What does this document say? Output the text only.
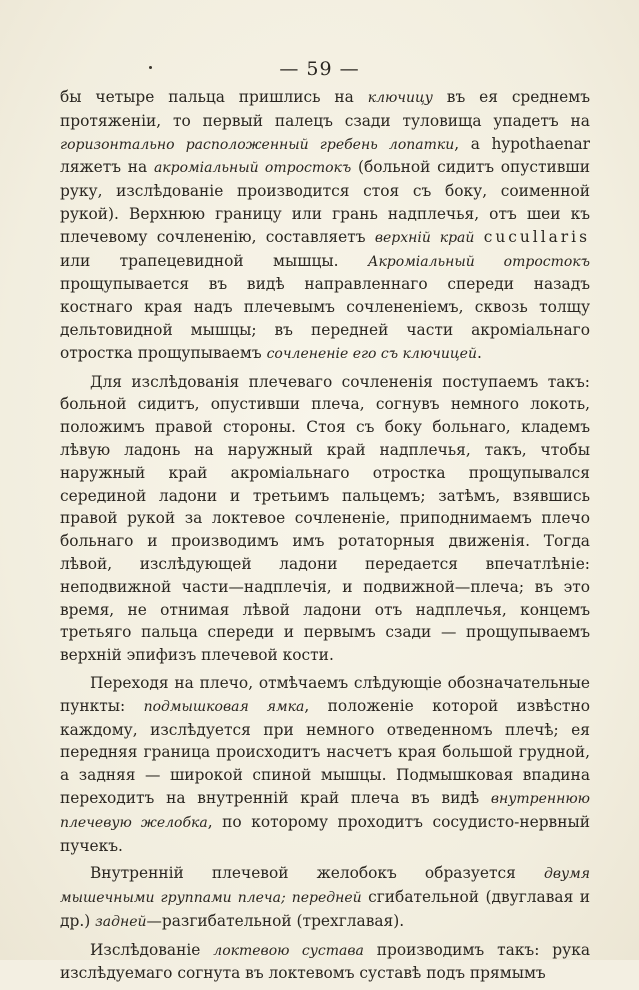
— 59 —

бы четыре пальца пришлись на ключицу въ ея среднемъ протяженіи, то первый палецъ сзади туловища упадетъ на горизонтально расположенный гребень лопатки, а hypothaenar ляжетъ на акроміальный отростокъ (больной сидитъ опустивши руку, изслѣдованіе производится стоя съ боку, соименной рукой). Верхнюю границу или грань надплечья, отъ шеи къ плечевому сочлененію, составляетъ верхній край cucullaris или трапецевидной мышцы. Акроміальный отростокъ прощупывается въ видѣ направленнаго спереди назадъ костнаго края надъ плечевымъ сочлененіемъ, сквозь толщу дельтовидной мышцы; въ передней части акроміальнаго отростка прощупываемъ сочлененіе его съ ключицей.

Для изслѣдованія плечеваго сочлененія поступаемъ такъ: больной сидитъ, опустивши плеча, согнувъ немного локоть, положимъ правой стороны. Стоя съ боку больнаго, кладемъ лѣвую ладонь на наружный край надплечья, такъ, чтобы наружный край акроміальнаго отростка прощупывался серединой ладони и третьимъ пальцемъ; затѣмъ, взявшись правой рукой за локтевое сочлененіе, приподнимаемъ плечо больнаго и производимъ имъ ротаторныя движенія. Тогда лѣвой, изслѣдующей ладони передается впечатлѣніе: неподвижной части—надплечія, и подвижной—плеча; въ это время, не отнимая лѣвой ладони отъ надплечья, концемъ третьяго пальца спереди и первымъ сзади — прощупываемъ верхній эпифизъ плечевой кости.

Переходя на плечо, отмѣчаемъ слѣдующіе обозначательные пункты: подмышковая ямка, положеніе которой извѣстно каждому, изслѣдуется при немного отведенномъ плечѣ; ея передняя граница происходитъ насчетъ края большой грудной, а задняя — широкой спиной мышцы. Подмышковая впадина переходитъ на внутренній край плеча въ видѣ внутреннюю плечевую желобка, по которому проходитъ сосудисто-нервный пучекъ.

Внутренній плечевой желобокъ образуется двумя мышечными группами плеча; передней сгибательной (двуглавая и др.) задней—разгибательной (трехглавая).

Изслѣдованіе локтевою сустава производимъ такъ: рука изслѣдуемаго согнута въ локтевомъ суставѣ подъ прямымъ
